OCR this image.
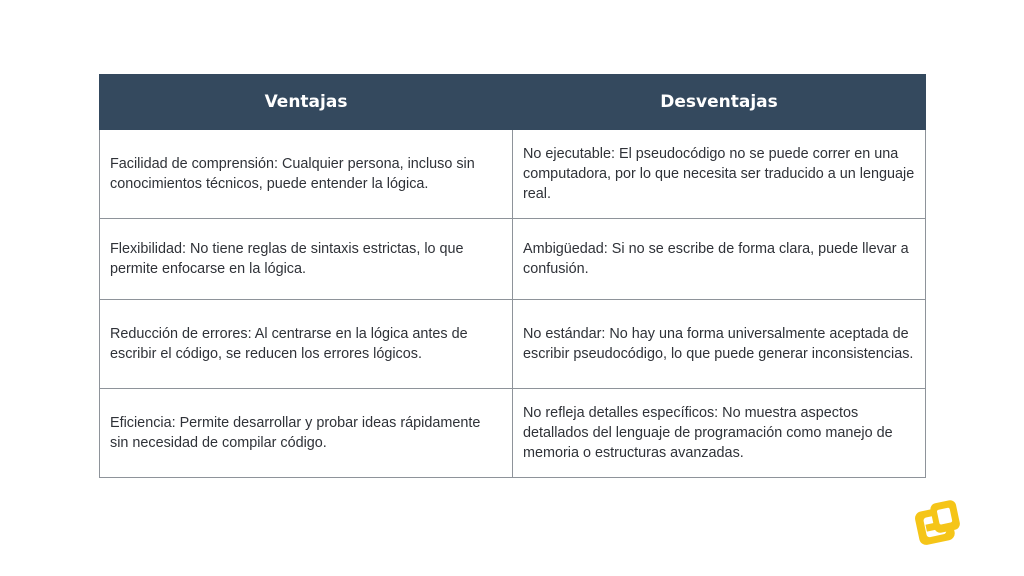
Ventajas	Desventajas
Facilidad de comprensión: Cualquier persona, incluso sin conocimientos técnicos, puede entender la lógica.	No ejecutable: El pseudocódigo no se puede correr en una computadora, por lo que necesita ser traducido a un lenguaje real.
Flexibilidad: No tiene reglas de sintaxis estrictas, lo que permite enfocarse en la lógica.	Ambigüedad: Si no se escribe de forma clara, puede llevar a confusión.
Reducción de errores: Al centrarse en la lógica antes de escribir el código, se reducen los errores lógicos.	No estándar: No hay una forma universalmente aceptada de escribir pseudocódigo, lo que puede generar inconsistencias.
Eficiencia: Permite desarrollar y probar ideas rápidamente sin necesidad de compilar código.	No refleja detalles específicos: No muestra aspectos detallados del lenguaje de programación como manejo de memoria o estructuras avanzadas.
